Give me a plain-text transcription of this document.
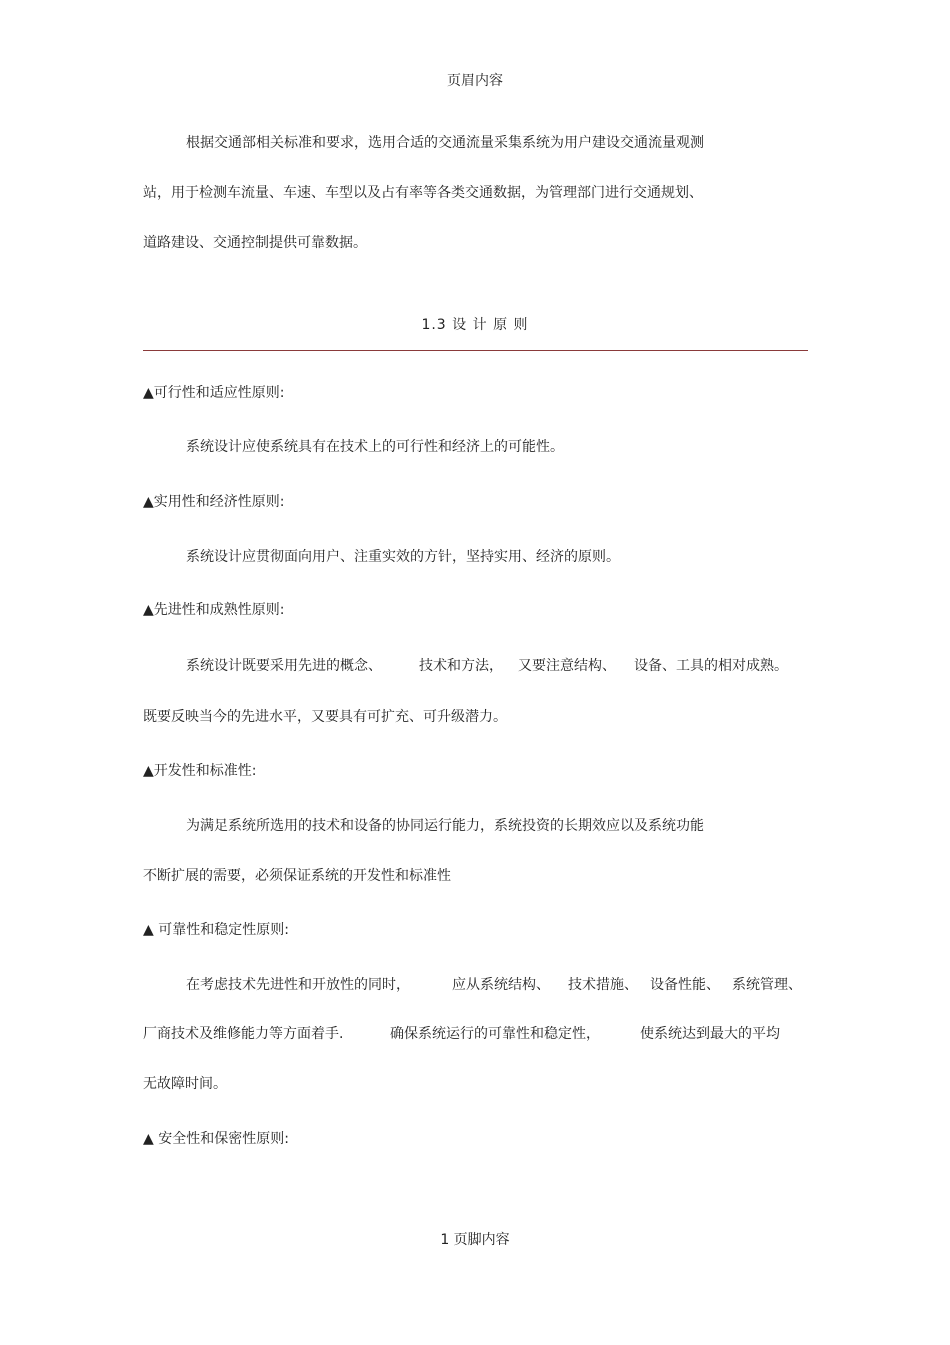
页眉内容
根据交通部相关标准和要求，选用合适的交通流量采集系统为用户建设交通流量观测
站，用于检测车流量、车速、车型以及占有率等各类交通数据，为管理部门进行交通规划、
道路建设、交通控制提供可靠数据。
1.3 设 计 原 则
▲可行性和适应性原则:
系统设计应使系统具有在技术上的可行性和经济上的可能性。
▲实用性和经济性原则:
系统设计应贯彻面向用户、注重实效的方针，坚持实用、经济的原则。
▲先进性和成熟性原则:
系统设计既要采用先进的概念、	技术和方法， 又要注意结构、 设备、工具的相对成熟。
既要反映当今的先进水平，又要具有可扩充、可升级潜力。
▲开发性和标准性:
为满足系统所选用的技术和设备的协同运行能力，系统投资的长期效应以及系统功能
不断扩展的需要，必须保证系统的开发性和标准性
▲ 可靠性和稳定性原则:
在考虑技术先进性和开放性的同时，	应从系统结构、 技术措施、 设备性能、 系统管理、
厂商技术及维修能力等方面着手.	确保系统运行的可靠性和稳定性，	使系统达到最大的平均
无故障时间。
▲ 安全性和保密性原则:
1 页脚内容
